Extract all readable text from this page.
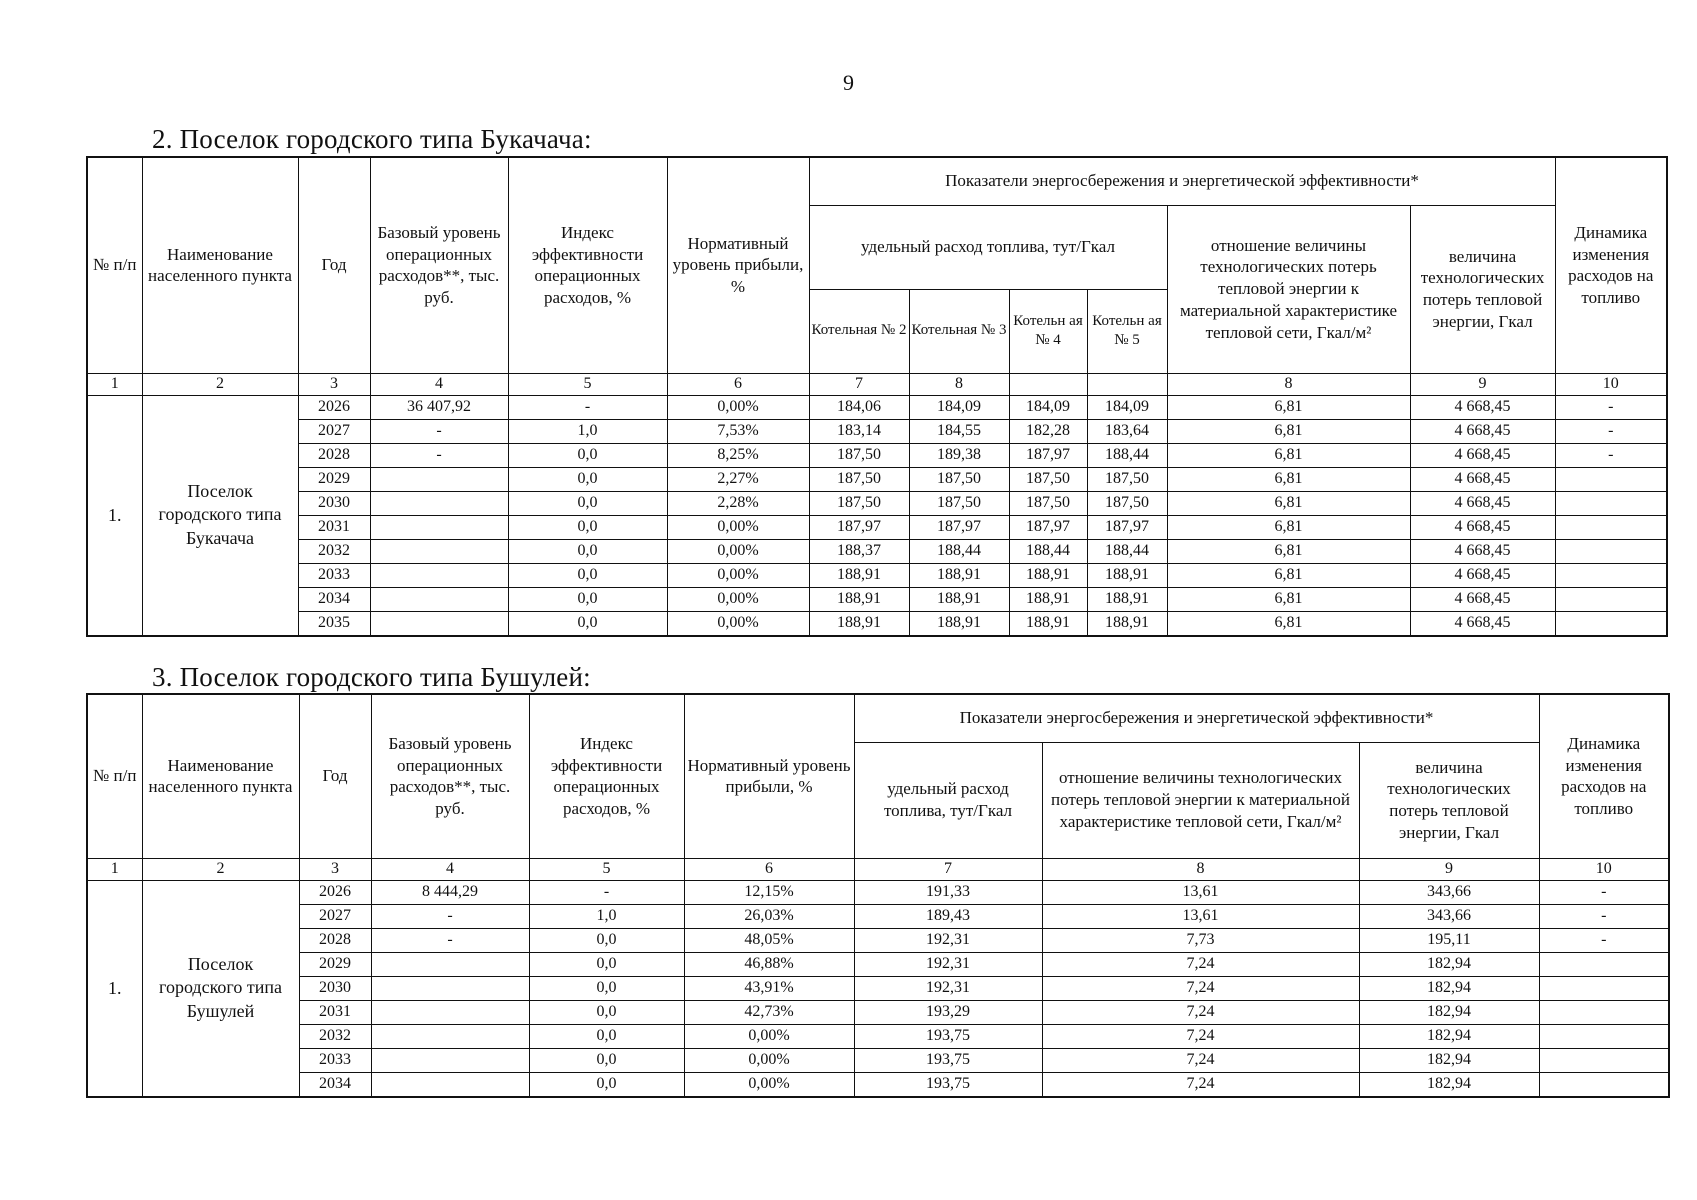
9
2. Поселок городского типа Букачача:
№ п/п	Наименование населенного пункта	Год	Базовый уровень операционных расходов**, тыс. руб.	Индекс эффективности операционных расходов, %	Нормативный уровень прибыли, %	Показатели энергосбережения и энергетической эффективности*						Динамика изменения расходов на топливо
						удельный расход топлива, тут/Гкал				отношение величины технологических потерь тепловой энергии к материальной характеристике тепловой сети, Гкал/м²	величина технологических потерь тепловой энергии, Гкал	
						Котельная № 2	Котельная № 3	Котельн ая № 4	Котельн ая № 5			
1	2	3	4	5	6	7	8			8	9	10
1.	Поселок городского типа Букачача	2026	36 407,92	-	0,00%	184,06	184,09	184,09	184,09	6,81	4 668,45	-
		2027	-	1,0	7,53%	183,14	184,55	182,28	183,64	6,81	4 668,45	-
		2028	-	0,0	8,25%	187,50	189,38	187,97	188,44	6,81	4 668,45	-
		2029		0,0	2,27%	187,50	187,50	187,50	187,50	6,81	4 668,45	
		2030		0,0	2,28%	187,50	187,50	187,50	187,50	6,81	4 668,45	
		2031		0,0	0,00%	187,97	187,97	187,97	187,97	6,81	4 668,45	
		2032		0,0	0,00%	188,37	188,44	188,44	188,44	6,81	4 668,45	
		2033		0,0	0,00%	188,91	188,91	188,91	188,91	6,81	4 668,45	
		2034		0,0	0,00%	188,91	188,91	188,91	188,91	6,81	4 668,45	
		2035		0,0	0,00%	188,91	188,91	188,91	188,91	6,81	4 668,45	
3. Поселок городского типа Бушулей:
№ п/п	Наименование населенного пункта	Год	Базовый уровень операционных расходов**, тыс. руб.	Индекс эффективности операционных расходов, %	Нормативный уровень прибыли, %	Показатели энергосбережения и энергетической эффективности*			Динамика изменения расходов на топливо
						удельный расход топлива, тут/Гкал	отношение величины технологических потерь тепловой энергии к материальной характеристике тепловой сети, Гкал/м²	величина технологических потерь тепловой энергии, Гкал	
1	2	3	4	5	6	7	8	9	10
1.	Поселок городского типа Бушулей	2026	8 444,29	-	12,15%	191,33	13,61	343,66	-
		2027	-	1,0	26,03%	189,43	13,61	343,66	-
		2028	-	0,0	48,05%	192,31	7,73	195,11	-
		2029		0,0	46,88%	192,31	7,24	182,94	
		2030		0,0	43,91%	192,31	7,24	182,94	
		2031		0,0	42,73%	193,29	7,24	182,94	
		2032		0,0	0,00%	193,75	7,24	182,94	
		2033		0,0	0,00%	193,75	7,24	182,94	
		2034		0,0	0,00%	193,75	7,24	182,94	
